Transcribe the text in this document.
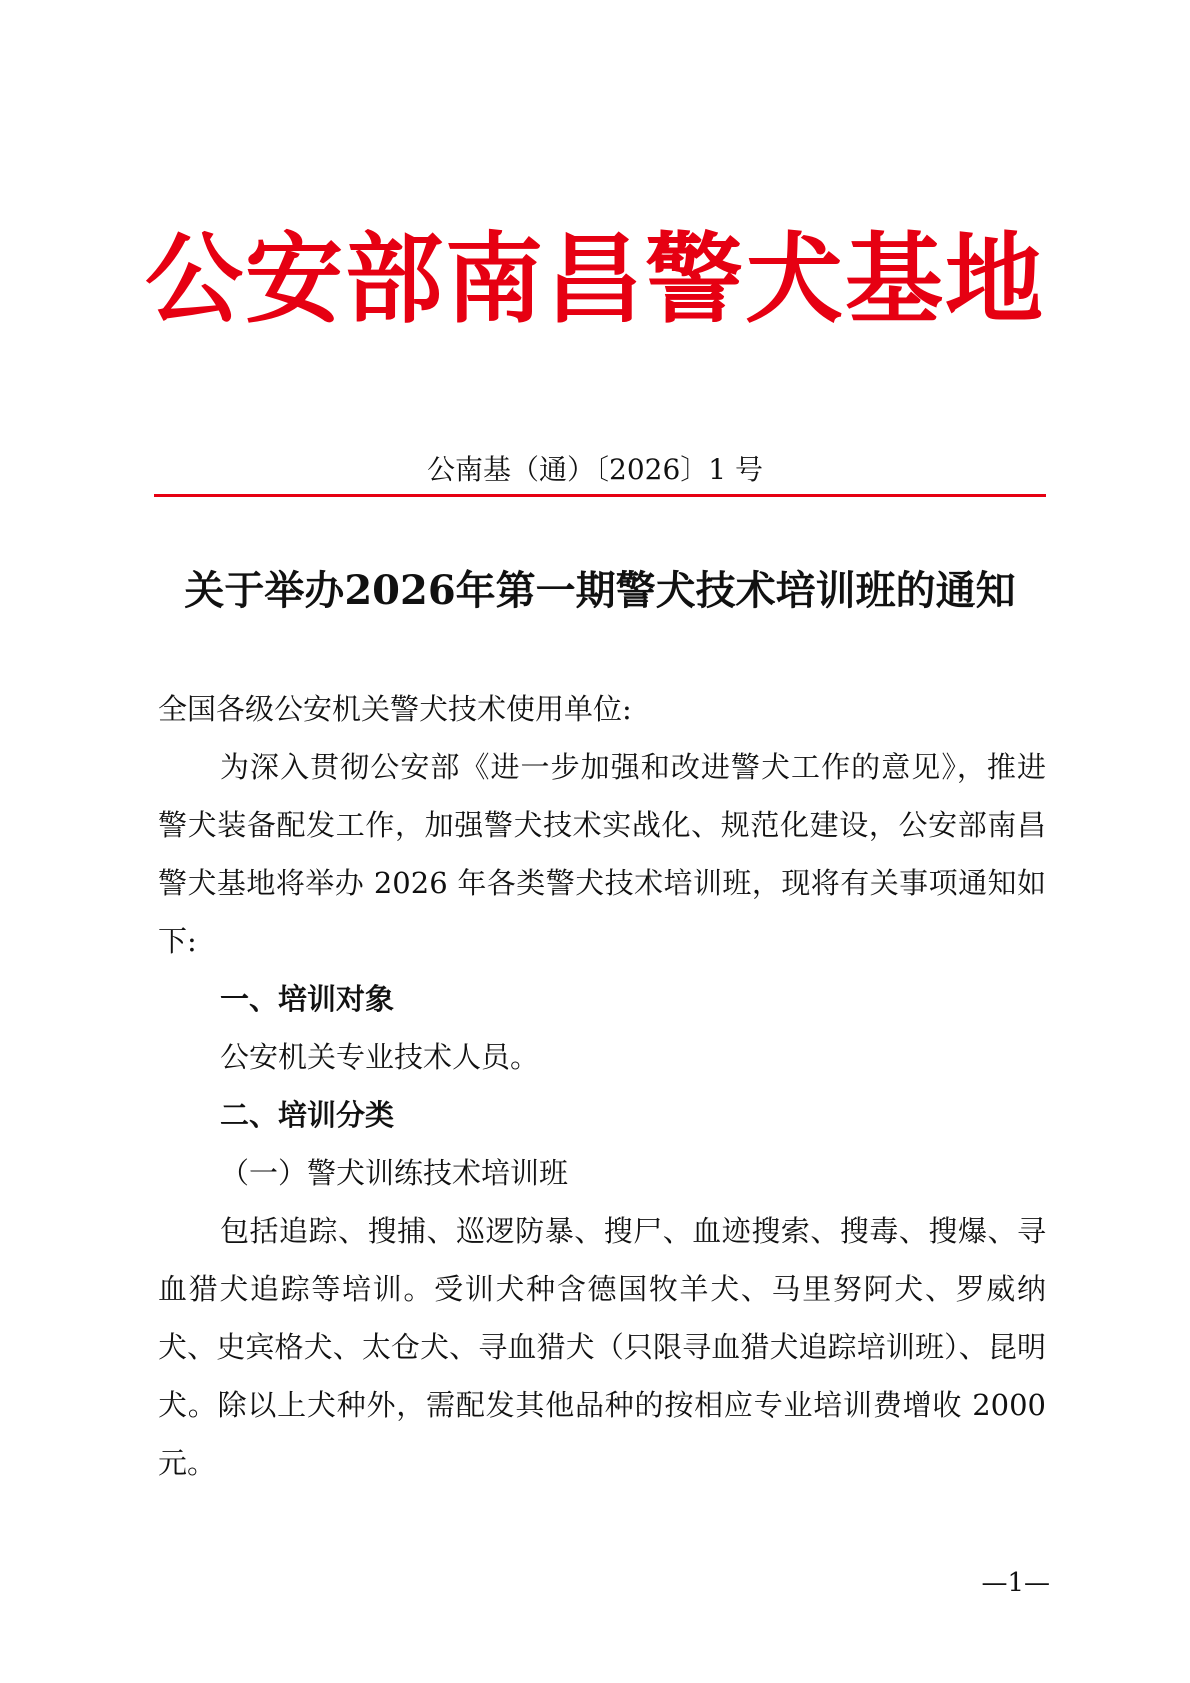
公安部南昌警犬基地
公南基（通）〔2026〕1 号
关于举办2026年第一期警犬技术培训班的通知

全国各级公安机关警犬技术使用单位:

为深入贯彻公安部《进一步加强和改进警犬工作的意见》，推进警犬装备配发工作，加强警犬技术实战化、规范化建设，公安部南昌警犬基地将举办 2026 年各类警犬技术培训班，现将有关事项通知如下:

一、培训对象

公安机关专业技术人员。

二、培训分类

（一）警犬训练技术培训班

包括追踪、搜捕、巡逻防暴、搜尸、血迹搜索、搜毒、搜爆、寻血猎犬追踪等培训。受训犬种含德国牧羊犬、马里努阿犬、罗威纳犬、史宾格犬、太仓犬、寻血猎犬（只限寻血猎犬追踪培训班）、昆明犬。除以上犬种外，需配发其他品种的按相应专业培训费增收 2000 元。

—1—
